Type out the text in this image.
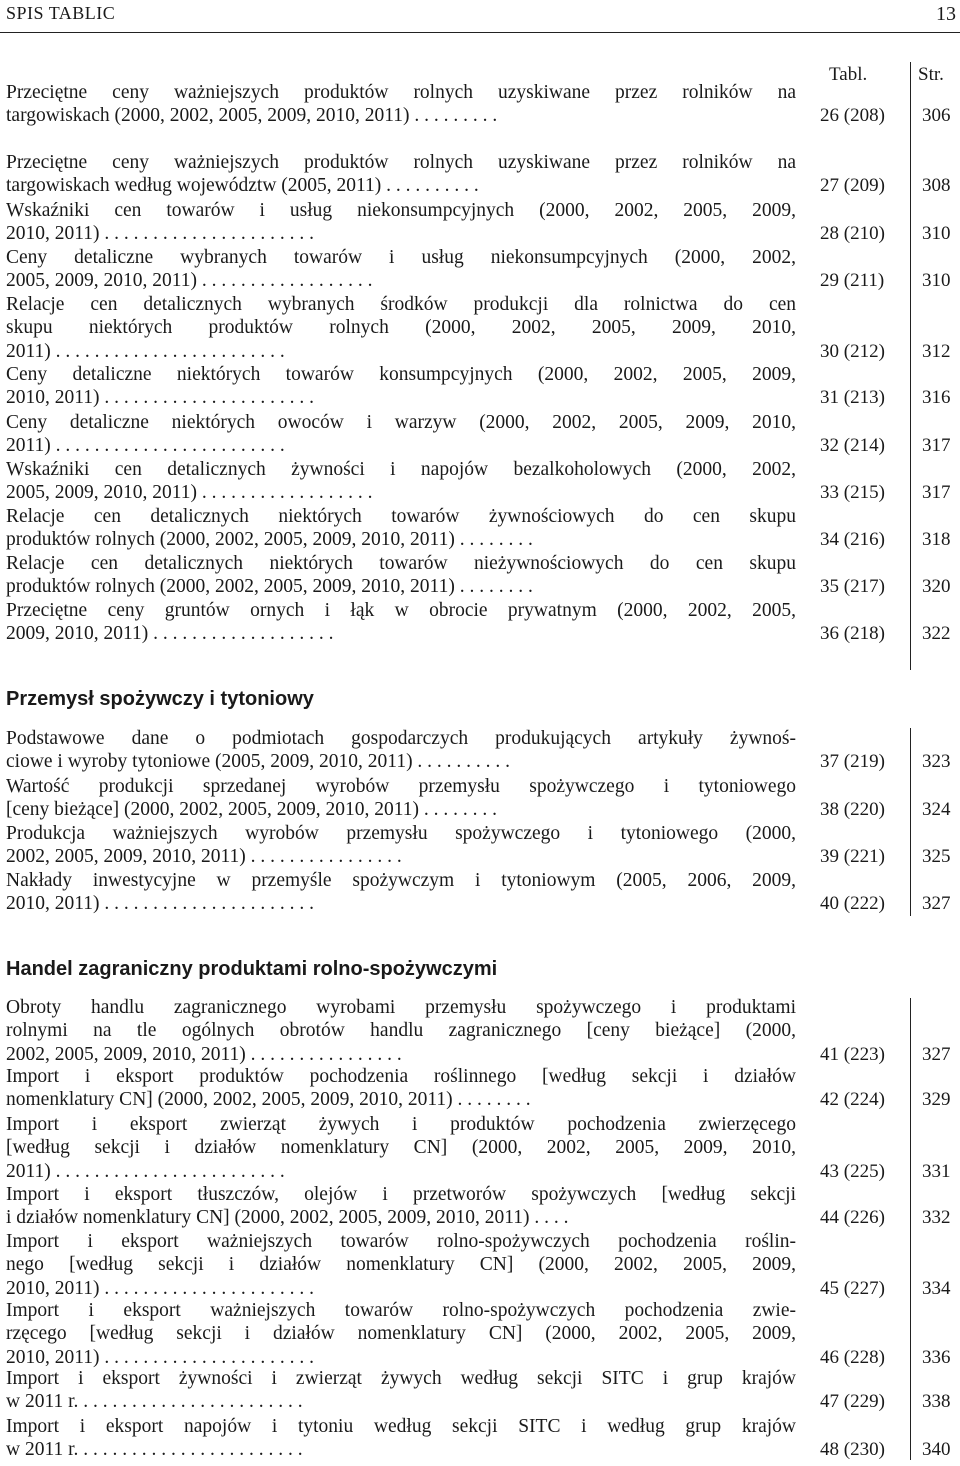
SPIS TABLIC	13
Tabl.	Str.
Przeciętne ceny ważniejszych produktów rolnych uzyskiwane przez rolników na
targowiskach (2000, 2002, 2005, 2009, 2010, 2011) . . . . . . . . .	26 (208) 306
Przeciętne ceny ważniejszych produktów rolnych uzyskiwane przez rolników na
targowiskach według województw (2005, 2011) . . . . . . . . . .	27 (209) 308
Wskaźniki cen towarów i usług niekonsumpcyjnych (2000, 2002, 2005, 2009,
2010, 2011) . . . . . . . . . . . . . . . . . . . . . .	28 (210) 310
Ceny detaliczne wybranych towarów i usług niekonsumpcyjnych (2000, 2002,
2005, 2009, 2010, 2011) . . . . . . . . . . . . . . . . . .	29 (211) 310
Relacje cen detalicznych wybranych środków produkcji dla rolnictwa do cen
skupu niektórych produktów rolnych (2000, 2002, 2005, 2009, 2010,
2011) . . . . . . . . . . . . . . . . . . . . . . . .	30 (212) 312
Ceny detaliczne niektórych towarów konsumpcyjnych (2000, 2002, 2005, 2009,
2010, 2011) . . . . . . . . . . . . . . . . . . . . . .	31 (213) 316
Ceny detaliczne niektórych owoców i warzyw (2000, 2002, 2005, 2009, 2010,
2011) . . . . . . . . . . . . . . . . . . . . . . . .	32 (214) 317
Wskaźniki cen detalicznych żywności i napojów bezalkoholowych (2000, 2002,
2005, 2009, 2010, 2011) . . . . . . . . . . . . . . . . . .	33 (215) 317
Relacje cen detalicznych niektórych towarów żywnościowych do cen skupu
produktów rolnych (2000, 2002, 2005, 2009, 2010, 2011) . . . . . . . .	34 (216) 318
Relacje cen detalicznych niektórych towarów nieżywnościowych do cen skupu
produktów rolnych (2000, 2002, 2005, 2009, 2010, 2011) . . . . . . . .	35 (217) 320
Przeciętne ceny gruntów ornych i łąk w obrocie prywatnym (2000, 2002, 2005,
2009, 2010, 2011) . . . . . . . . . . . . . . . . . . .	36 (218) 322
Przemysł spożywczy i tytoniowy
Podstawowe dane o podmiotach gospodarczych produkujących artykuły żywnoś-
ciowe i wyroby tytoniowe (2005, 2009, 2010, 2011) . . . . . . . . . .	37 (219) 323
Wartość produkcji sprzedanej wyrobów przemysłu spożywczego i tytoniowego
[ceny bieżące] (2000, 2002, 2005, 2009, 2010, 2011) . . . . . . . .	38 (220) 324
Produkcja ważniejszych wyrobów przemysłu spożywczego i tytoniowego (2000,
2002, 2005, 2009, 2010, 2011) . . . . . . . . . . . . . . . .	39 (221) 325
Nakłady inwestycyjne w przemyśle spożywczym i tytoniowym (2005, 2006, 2009,
2010, 2011) . . . . . . . . . . . . . . . . . . . . . .	40 (222) 327
Handel zagraniczny produktami rolno-spożywczymi
Obroty handlu zagranicznego wyrobami przemysłu spożywczego i produktami
rolnymi na tle ogólnych obrotów handlu zagranicznego [ceny bieżące] (2000,
2002, 2005, 2009, 2010, 2011) . . . . . . . . . . . . . . . .	41 (223) 327
Import i eksport produktów pochodzenia roślinnego [według sekcji i działów
nomenklatury CN] (2000, 2002, 2005, 2009, 2010, 2011) . . . . . . . .	42 (224) 329
Import i eksport zwierząt żywych i produktów pochodzenia zwierzęcego
[według sekcji i działów nomenklatury CN] (2000, 2002, 2005, 2009, 2010,
2011) . . . . . . . . . . . . . . . . . . . . . . . .	43 (225) 331
Import i eksport tłuszczów, olejów i przetworów spożywczych [według sekcji
i działów nomenklatury CN] (2000, 2002, 2005, 2009, 2010, 2011) . . . .	44 (226) 332
Import i eksport ważniejszych towarów rolno-spożywczych pochodzenia roślin-
nego [według sekcji i działów nomenklatury CN] (2000, 2002, 2005, 2009,
2010, 2011) . . . . . . . . . . . . . . . . . . . . . .	45 (227) 334
Import i eksport ważniejszych towarów rolno-spożywczych pochodzenia zwie-
rzęcego [według sekcji i działów nomenklatury CN] (2000, 2002, 2005, 2009,
2010, 2011) . . . . . . . . . . . . . . . . . . . . . .	46 (228) 336
Import i eksport żywności i zwierząt żywych według sekcji SITC i grup krajów
w 2011 r. . . . . . . . . . . . . . . . . . . . . . . .	47 (229) 338
Import i eksport napojów i tytoniu według sekcji SITC i według grup krajów
w 2011 r. . . . . . . . . . . . . . . . . . . . . . . .	48 (230) 340
